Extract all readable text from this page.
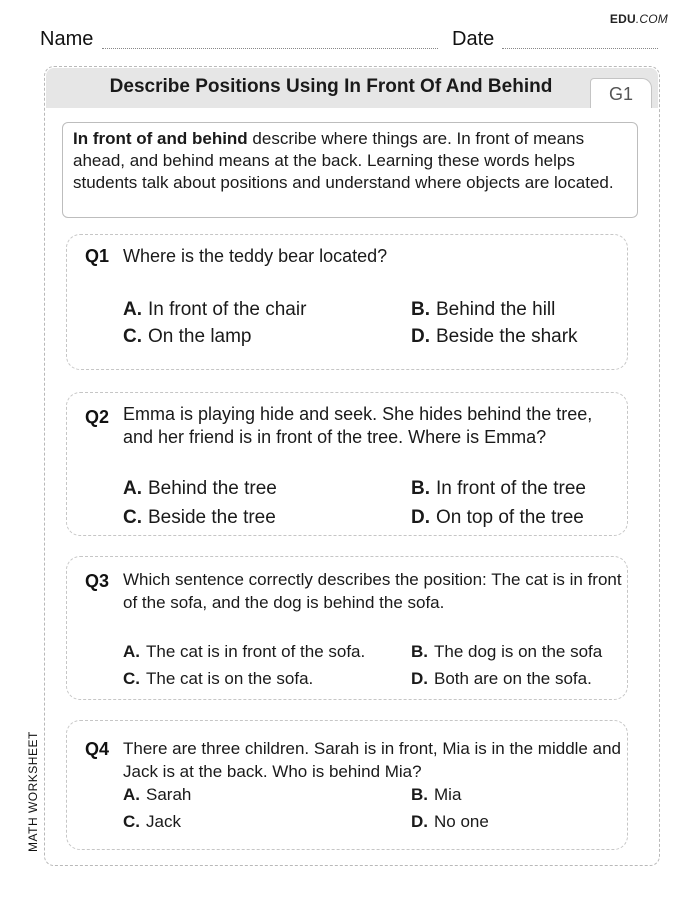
EDU.COM
Name	Date
MATH WORKSHEET
Describe Positions Using In Front Of And Behind	G1
In front of and behind describe where things are. In front of means ahead, and behind means at the back. Learning these words helps students talk about positions and understand where objects are located.
Q1 Where is the teddy bear located?
A. In front of the chair	B. Behind the hill
C. On the lamp	D. Beside the shark
Q2 Emma is playing hide and seek. She hides behind the tree, and her friend is in front of the tree. Where is Emma?
A. Behind the tree	B. In front of the tree
C. Beside the tree	D. On top of the tree
Q3 Which sentence correctly describes the position: The cat is in front of the sofa, and the dog is behind the sofa.
A. The cat is in front of the sofa.	B. The dog is on the sofa
C. The cat is on the sofa.	D. Both are on the sofa.
Q4 There are three children. Sarah is in front, Mia is in the middle and Jack is at the back. Who is behind Mia?
A. Sarah	B. Mia
C. Jack	D. No one
